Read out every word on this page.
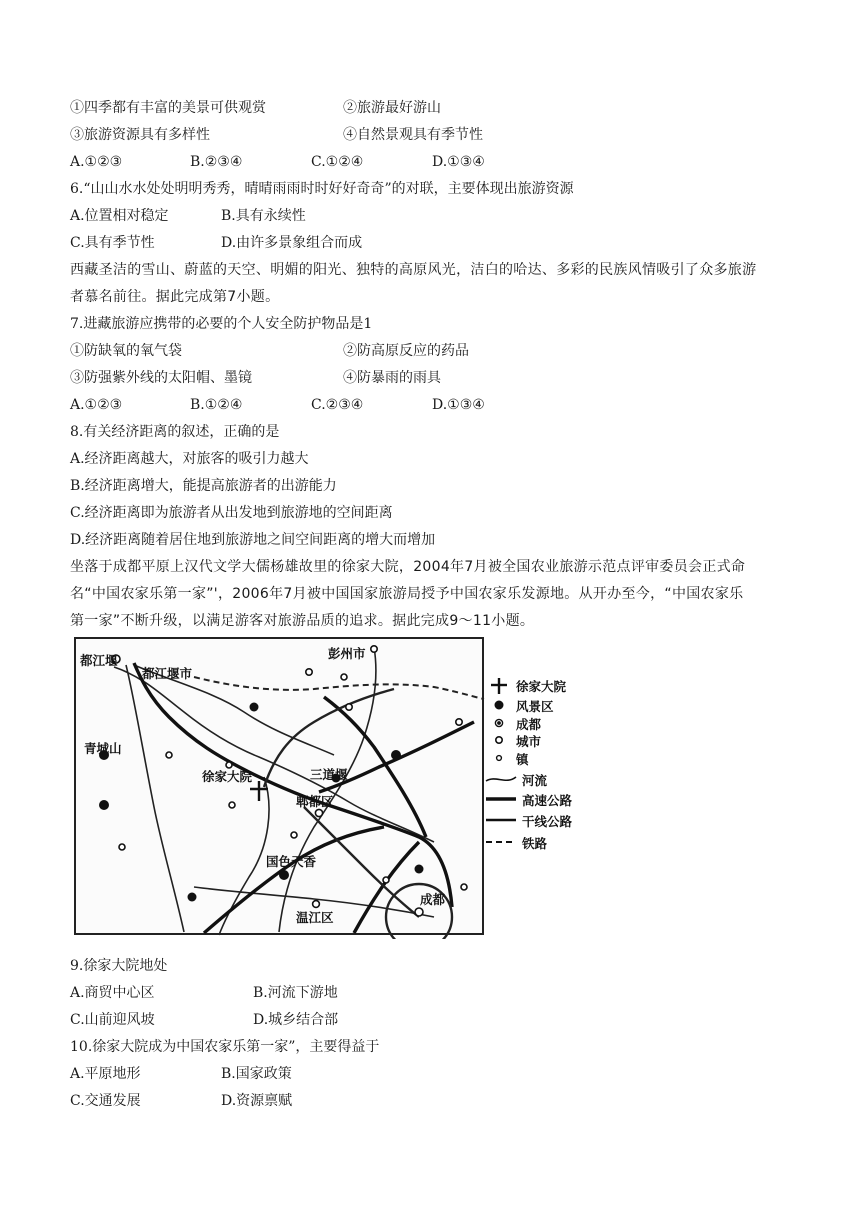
①四季都有丰富的美景可供观赏	②旅游最好游山
③旅游资源具有多样性	④自然景观具有季节性
A.①②③	B.②③④	C.①②④	D.①③④
6.“山山水水处处明明秀秀，晴晴雨雨时时好好奇奇”的对联，主要体现出旅游资源
A.位置相对稳定	B.具有永续性
C.具有季节性	D.由许多景象组合而成
西藏圣洁的雪山、蔚蓝的天空、明媚的阳光、独特的高原风光，洁白的哈达、多彩的民族风情吸引了众多旅游
者慕名前往。据此完成第7小题。
7.进藏旅游应携带的必要的个人安全防护物品是1
①防缺氧的氧气袋	②防高原反应的药品
③防强紫外线的太阳帽、墨镜	④防暴雨的雨具
A.①②③	B.①②④	C.②③④	D.①③④
8.有关经济距离的叙述，正确的是
A.经济距离越大，对旅客的吸引力越大
B.经济距离增大，能提高旅游者的出游能力
C.经济距离即为旅游者从出发地到旅游地的空间距离
D.经济距离随着居住地到旅游地之间空间距离的增大而增加
坐落于成都平原上汉代文学大儒杨雄故里的徐家大院，2004年7月被全国农业旅游示范点评审委员会正式命
名“中国农家乐第一家”'，2006年7月被中国国家旅游局授予中国农家乐发源地。从开办至今，“中国农家乐
第一家”不断升级，以满足游客对旅游品质的追求。据此完成9～11小题。
都江堰
都江堰市
彭州市
青城山
徐家大院	三道堰
郫都区
国色天香
温江区
成都
徐家大院
风景区
成都
城市
镇
河流
高速公路
干线公路
铁路
9.徐家大院地处
A.商贸中心区	B.河流下游地
C.山前迎风坡	D.城乡结合部
10.徐家大院成为中国农家乐第一家”，主要得益于
A.平原地形	B.国家政策
C.交通发展	D.资源禀赋
